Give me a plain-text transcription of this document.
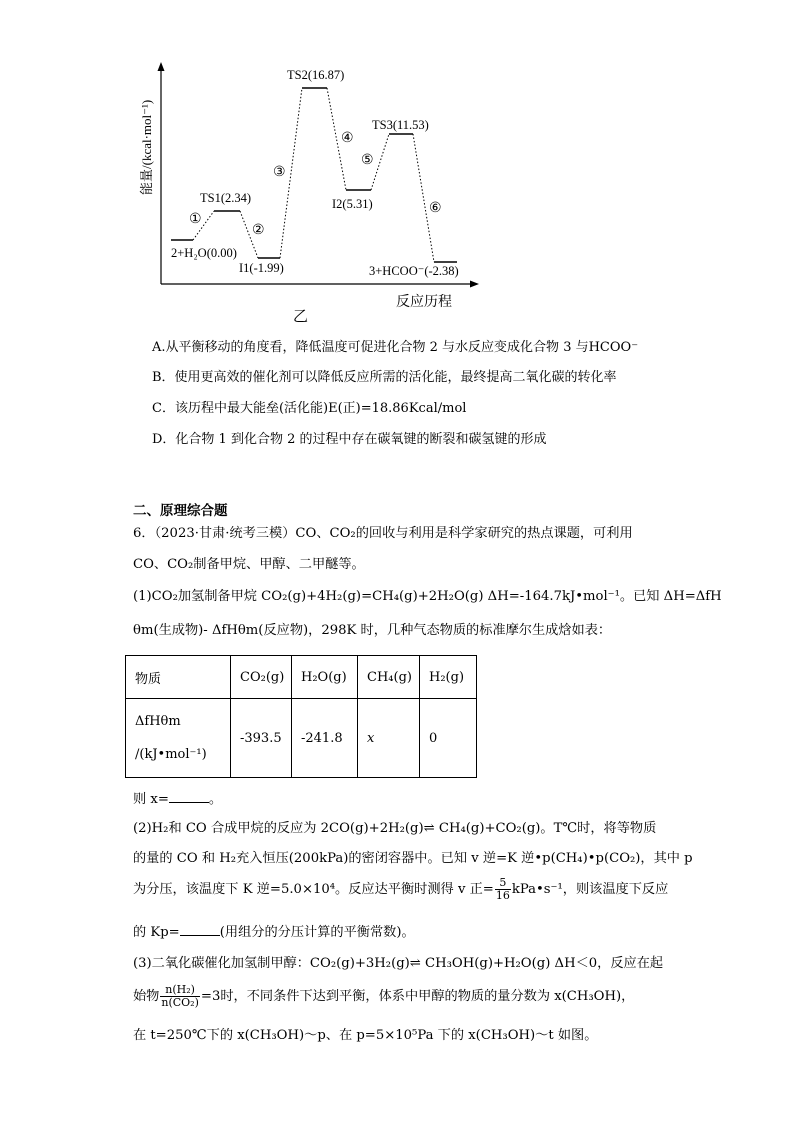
能量/(kcal·mol⁻¹)
反应历程
乙
2+H₂O(0.00)
TS1(2.34)
I1(-1.99)
TS2(16.87)
I2(5.31)
TS3(11.53)
3+HCOO⁻(-2.38)
①
②
③
④
⑤
⑥
A.从平衡移动的角度看，降低温度可促进化合物 2 与水反应变成化合物 3 与HCOO⁻
B．使用更高效的催化剂可以降低反应所需的活化能，最终提高二氧化碳的转化率
C．该历程中最大能垒(活化能)E(正)=18.86Kcal/mol
D．化合物 1 到化合物 2 的过程中存在碳氧键的断裂和碳氢键的形成
二、原理综合题
6．（2023·甘肃·统考三模）CO、CO₂的回收与利用是科学家研究的热点课题，可利用
CO、CO₂制备甲烷、甲醇、二甲醚等。
(1)CO₂加氢制备甲烷 CO₂(g)+4H₂(g)=CH₄(g)+2H₂O(g) ΔH=-164.7kJ•mol⁻¹。已知 ΔH=ΔfH
θm(生成物)- ΔfHθm(反应物)，298K 时，几种气态物质的标准摩尔生成焓如表：
物质	CO₂(g)	H₂O(g)	CH₄(g)	H₂(g)

ΔfHθm
/(kJ•mol⁻¹)	-393.5	-241.8	x	0
则 x=	。
(2)H₂和 CO 合成甲烷的反应为 2CO(g)+2H₂(g)⇌ CH₄(g)+CO₂(g)。T℃时，将等物质
的量的 CO 和 H₂充入恒压(200kPa)的密闭容器中。已知 v 逆=K 逆•p(CH₄)•p(CO₂)，其中 p
为分压，该温度下 K 逆=5.0×10⁴。反应达平衡时测得 v 正= $\frac{5}{16}$ kPa•s⁻¹，则该温度下反应
的 Kp=	(用组分的分压计算的平衡常数)。
(3)二氧化碳催化加氢制甲醇：CO₂(g)+3H₂(g)⇌ CH₃OH(g)+H₂O(g) ΔH＜0，反应在起
始物 $\frac{\text{n(H₂)}}{\text{n(CO₂)}} =3$时，不同条件下达到平衡，体系中甲醇的物质的量分数为 x(CH₃OH)，
在 t=250℃下的 x(CH₃OH)～p、在 p=5×10⁵Pa 下的 x(CH₃OH)～t 如图。
